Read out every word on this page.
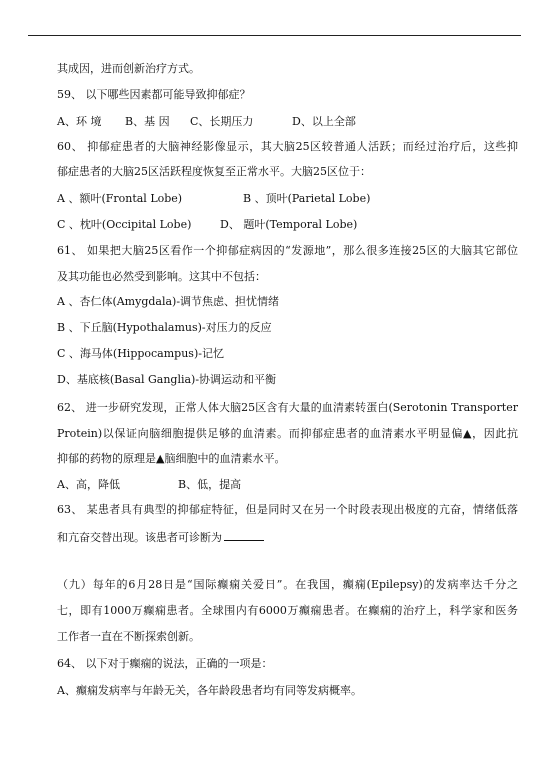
其成因，进而创新治疗方式。
59、 以下哪些因素都可能导致抑郁症？
A、环 境 B、基 因 C、长期压力	D、以上全部
60、 抑郁症患者的大脑神经影像显示，其大脑25区较普通人活跃；而经过治疗后，这些抑
郁症患者的大脑25区活跃程度恢复至正常水平。大脑25区位于：
A 、额叶(Frontal Lobe)	B 、顶叶(Parietal Lobe)
C 、枕叶(Occipital Lobe)	D、 题叶(Temporal Lobe)
61、 如果把大脑25区看作一个抑郁症病因的“发源地”，那么很多连接25区的大脑其它部位
及其功能也必然受到影响。这其中不包括：
A 、杏仁体(Amygdala)-调节焦虑、担忧情绪
B 、下丘脑(Hypothalamus)-对压力的反应
C 、海马体(Hippocampus)-记忆
D、基底核(Basal Ganglia)-协调运动和平衡
62、 进一步研究发现，正常人体大脑25区含有大量的血清素转蛋白(Serotonin Transporter
Protein)以保证向脑细胞提供足够的血清素。而抑郁症患者的血清素水平明显偏▲，因此抗
抑郁的药物的原理是▲脑细胞中的血清素水平。
A、高，降低	B、低，提高
63、 某患者具有典型的抑郁症特征，但是同时又在另一个时段表现出极度的亢奋，情绪低落
和亢奋交替出现。该患者可诊断为
（九）每年的6月28日是“国际癫痫关爱日”。在我国，癫痫(Epilepsy)的发病率达千分之
七，即有1000万癫痫患者。全球围内有6000万癫痫患者。在癫痫的治疗上，科学家和医务
工作者一直在不断探索创新。
64、 以下对于癫痫的说法，正确的一项是：
A、癫痫发病率与年龄无关，各年龄段患者均有同等发病概率。
